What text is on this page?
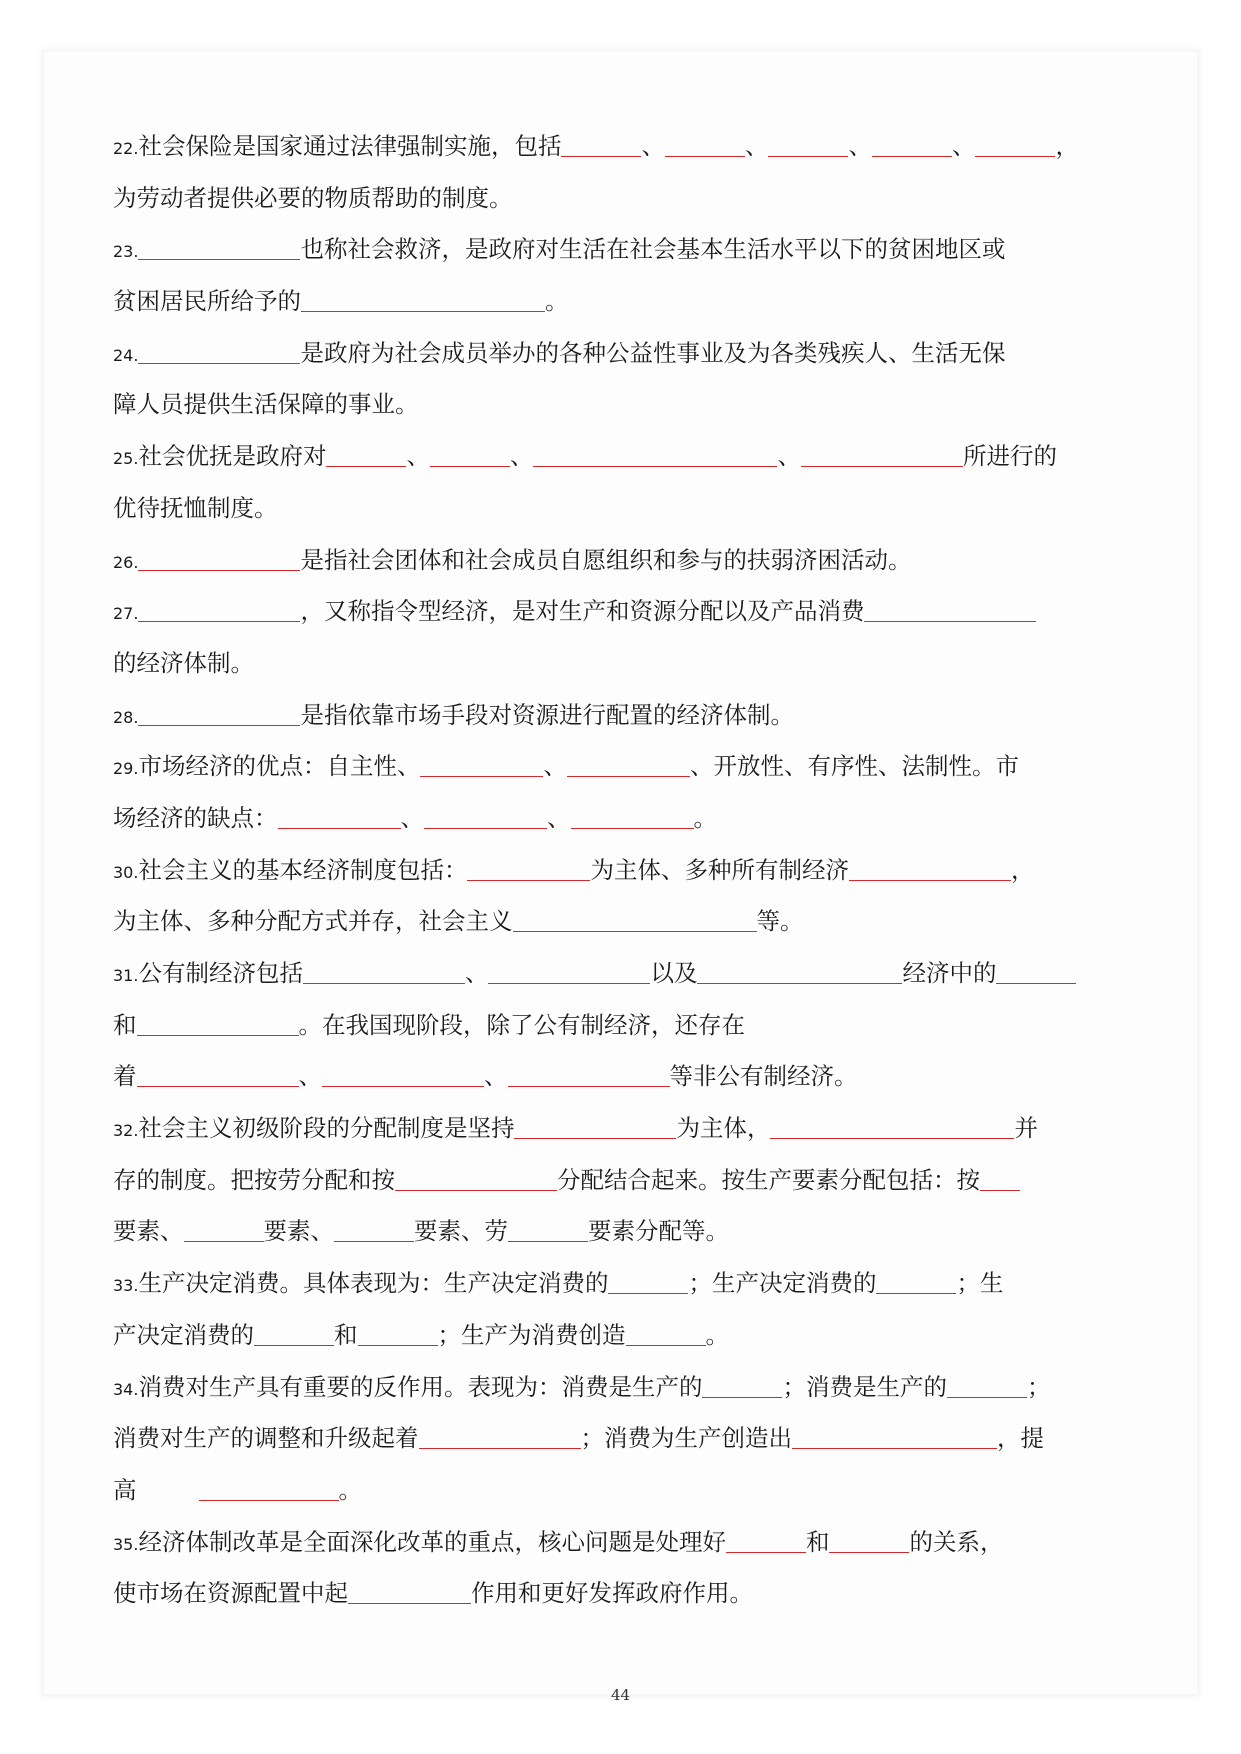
22.社会保险是国家通过法律强制实施，包括	、	、	、	、	，
为劳动者提供必要的物质帮助的制度。
23.	也称社会救济，是政府对生活在社会基本生活水平以下的贫困地区或
贫困居民所给予的	。
24.	是政府为社会成员举办的各种公益性事业及为各类残疾人、生活无保
障人员提供生活保障的事业。
25.社会优抚是政府对	、	、	、	所进行的
优待抚恤制度。
26.	是指社会团体和社会成员自愿组织和参与的扶弱济困活动。
27.	，又称指令型经济，是对生产和资源分配以及产品消费
的经济体制。
28.	是指依靠市场手段对资源进行配置的经济体制。
29.市场经济的优点：自主性、	、	、开放性、有序性、法制性。市
场经济的缺点：	、	、	。
30.社会主义的基本经济制度包括：	为主体、多种所有制经济	，
为主体、多种分配方式并存，社会主义	等。
31.公有制经济包括	、	以及	经济中的
和	。在我国现阶段，除了公有制经济，还存在
着	、	、	等非公有制经济。
32.社会主义初级阶段的分配制度是坚持	为主体，	并
存的制度。把按劳分配和按	分配结合起来。按生产要素分配包括：按
要素、	要素、	要素、劳	要素分配等。
33.生产决定消费。具体表现为：生产决定消费的	；生产决定消费的	；生
产决定消费的	和	；生产为消费创造	。
34.消费对生产具有重要的反作用。表现为：消费是生产的	；消费是生产的	；
消费对生产的调整和升级起着	；消费为生产创造出	，提
高	。
35.经济体制改革是全面深化改革的重点，核心问题是处理好	和	的关系，
使市场在资源配置中起	作用和更好发挥政府作用。
44
